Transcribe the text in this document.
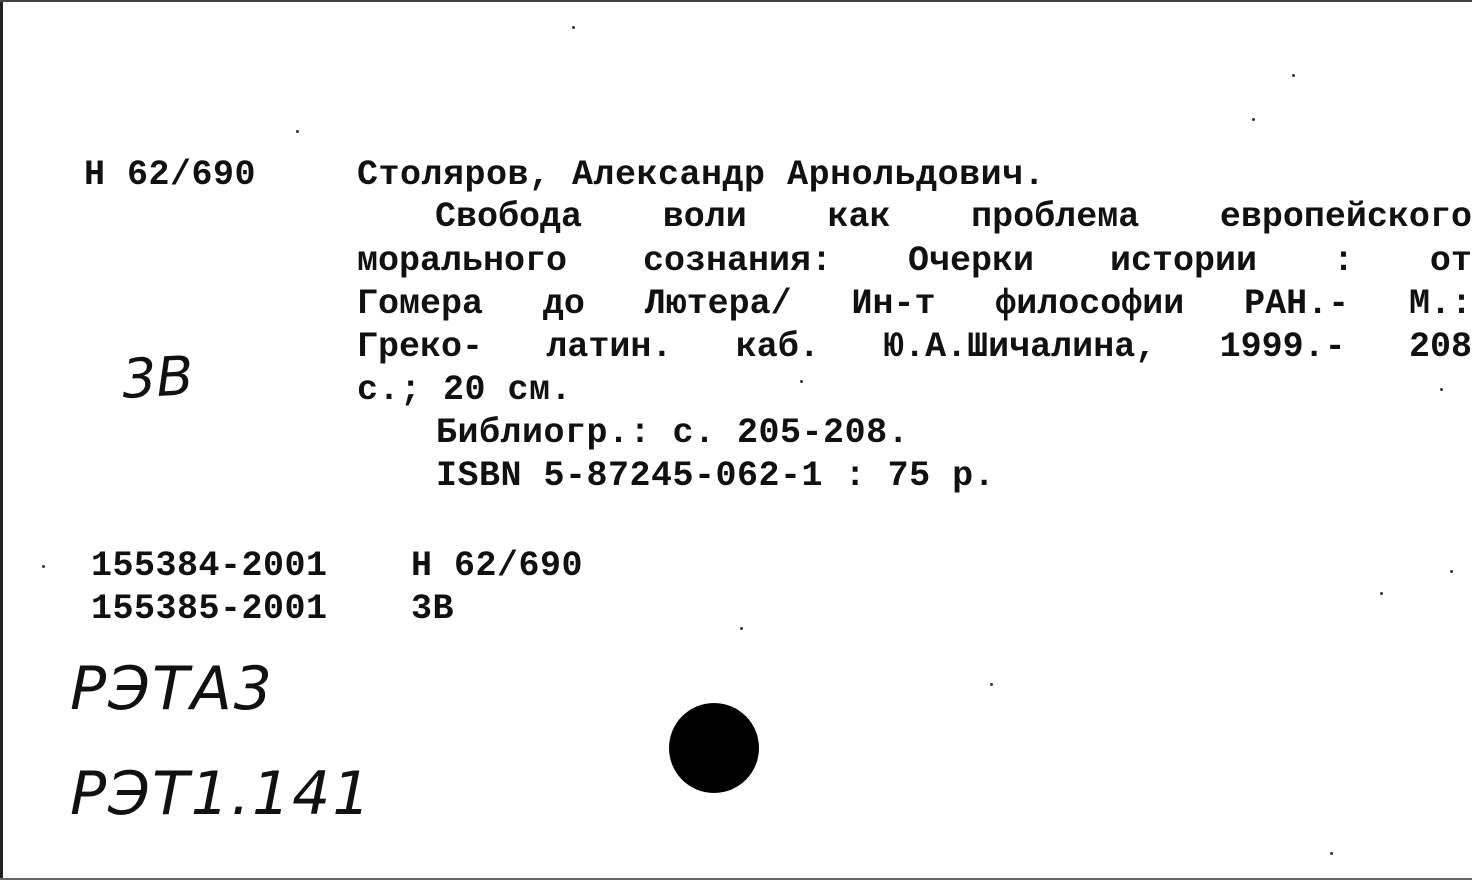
Н 62/690
3В
Столяров, Александр Арнольдович.
Свобода воли как проблема европейского
морального сознания: Очерки истории : от
Гомера до Лютера/ Ин-т философии РАН.- М.:
Греко- латин. каб. Ю.А.Шичалина, 1999.- 208
с.; 20 см.
Библиогр.: с. 205-208.
ISBN 5-87245-062-1 : 75 р.
155384-2001 Н 62/690
155385-2001 3В
РЭТА3
РЭТ1.141
